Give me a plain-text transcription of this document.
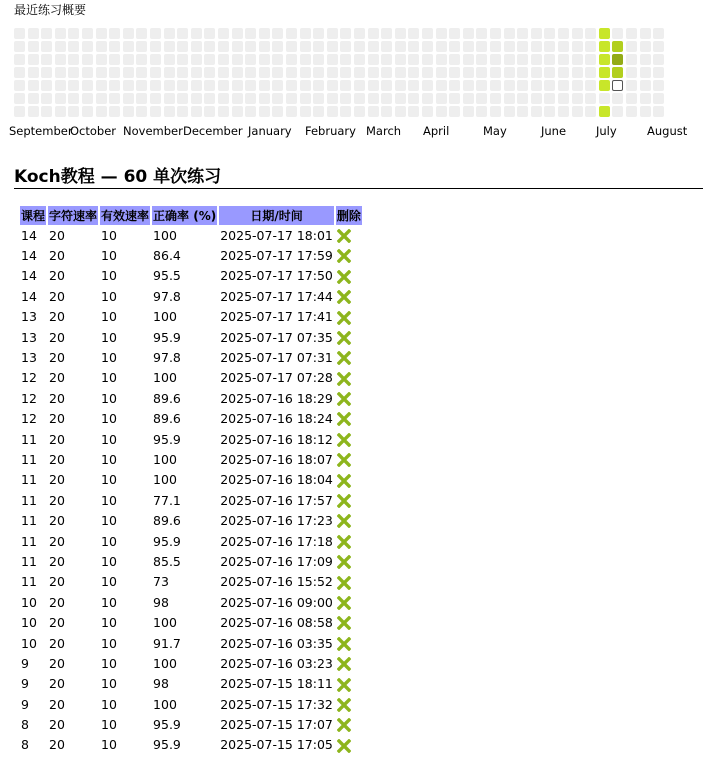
最近练习概要
September
October November December January February March April	May	June	July	August
Koch教程 — 60 单次练习
课程	字符速率	有效速率	正确率 (%)	日期/时间	删除
14	20	10	100	2025-07-17 18:01	
14	20	10	86.4	2025-07-17 17:59	
14	20	10	95.5	2025-07-17 17:50	
14	20	10	97.8	2025-07-17 17:44	
13	20	10	100	2025-07-17 17:41	
13	20	10	95.9	2025-07-17 07:35	
13	20	10	97.8	2025-07-17 07:31	
12	20	10	100	2025-07-17 07:28	
12	20	10	89.6	2025-07-16 18:29	
12	20	10	89.6	2025-07-16 18:24	
11	20	10	95.9	2025-07-16 18:12	
11	20	10	100	2025-07-16 18:07	
11	20	10	100	2025-07-16 18:04	
11	20	10	77.1	2025-07-16 17:57	
11	20	10	89.6	2025-07-16 17:23	
11	20	10	95.9	2025-07-16 17:18	
11	20	10	85.5	2025-07-16 17:09	
11	20	10	73	2025-07-16 15:52	
10	20	10	98	2025-07-16 09:00	
10	20	10	100	2025-07-16 08:58	
10	20	10	91.7	2025-07-16 03:35	
9	20	10	100	2025-07-16 03:23	
9	20	10	98	2025-07-15 18:11	
9	20	10	100	2025-07-15 17:32	
8	20	10	95.9	2025-07-15 17:07	
8	20	10	95.9	2025-07-15 17:05	
